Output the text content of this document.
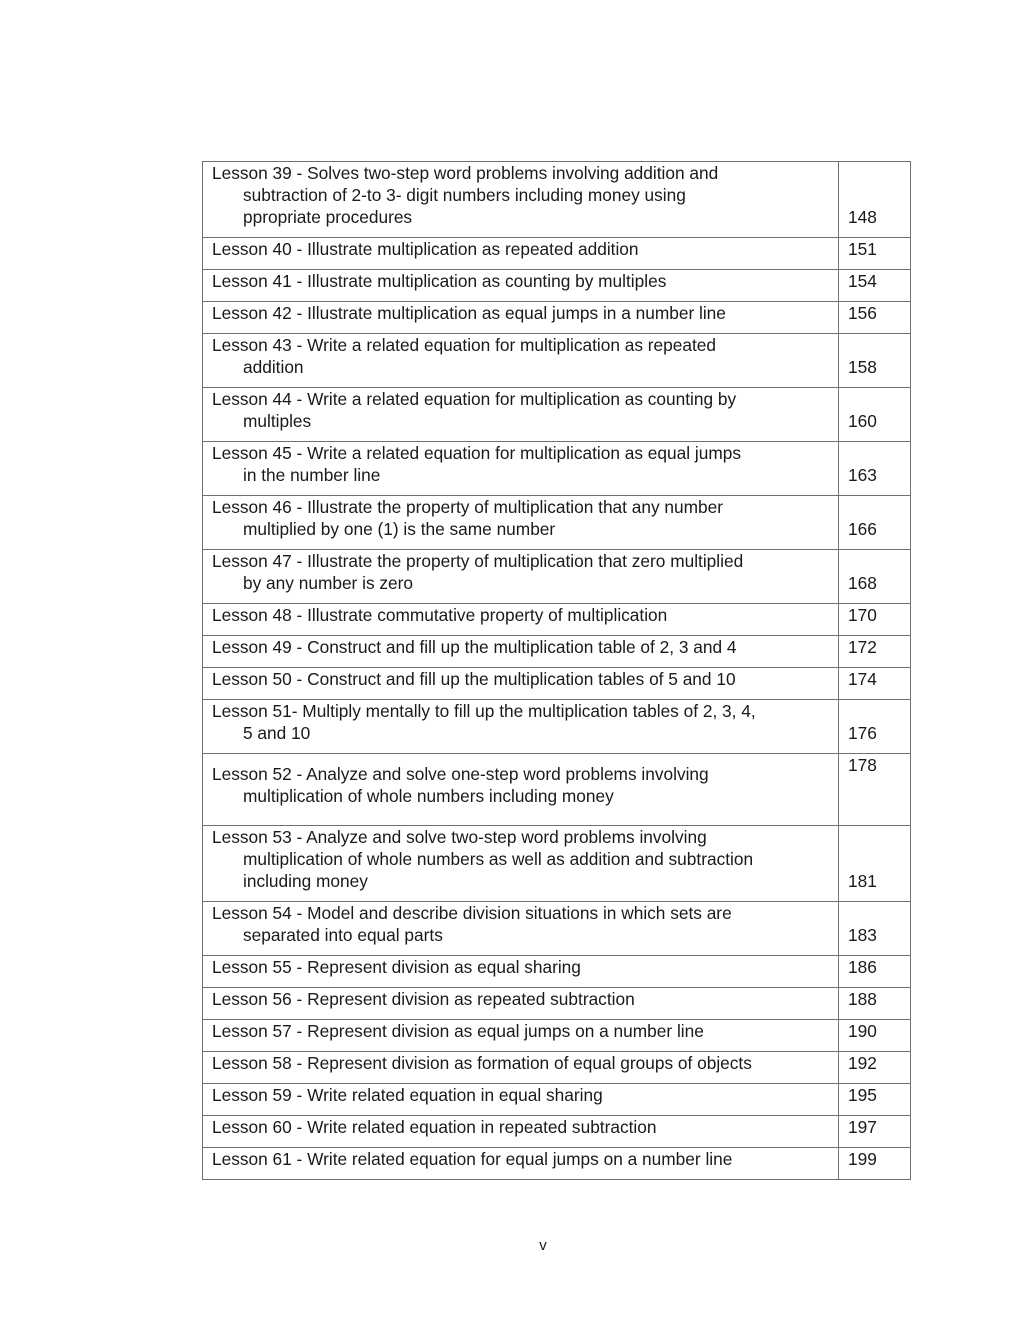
Lesson 39 - Solves two-step word problems involving addition and
subtraction of 2-to 3- digit numbers including money using
ppropriate procedures	148

Lesson 40 - Illustrate multiplication as repeated addition	151

Lesson 41 - Illustrate multiplication as counting by multiples	154

Lesson 42 - Illustrate multiplication as equal jumps in a number line	156

Lesson 43 - Write a related equation for multiplication as repeated
addition	158

Lesson 44 - Write a related equation for multiplication as counting by
multiples	160

Lesson 45 - Write a related equation for multiplication as equal jumps
in the number line	163

Lesson 46 - Illustrate the property of multiplication that any number
multiplied by one (1) is the same number	166

Lesson 47 - Illustrate the property of multiplication that zero multiplied
by any number is zero	168

Lesson 48 - Illustrate commutative property of multiplication	170

Lesson 49 - Construct and fill up the multiplication table of 2, 3 and 4	172

Lesson 50 - Construct and fill up the multiplication tables of 5 and 10	174

Lesson 51- Multiply mentally to fill up the multiplication tables of 2, 3, 4,
5 and 10	176

Lesson 52 - Analyze and solve one-step word problems involving
multiplication of whole numbers including money	178

Lesson 53 - Analyze and solve two-step word problems involving
multiplication of whole numbers as well as addition and subtraction
including money	181

Lesson 54 - Model and describe division situations in which sets are
separated into equal parts	183

Lesson 55 - Represent division as equal sharing	186

Lesson 56 - Represent division as repeated subtraction	188

Lesson 57 - Represent division as equal jumps on a number line	190

Lesson 58 - Represent division as formation of equal groups of objects	192

Lesson 59 - Write related equation in equal sharing	195

Lesson 60 - Write related equation in repeated subtraction	197

Lesson 61 - Write related equation for equal jumps on a number line	199
v
